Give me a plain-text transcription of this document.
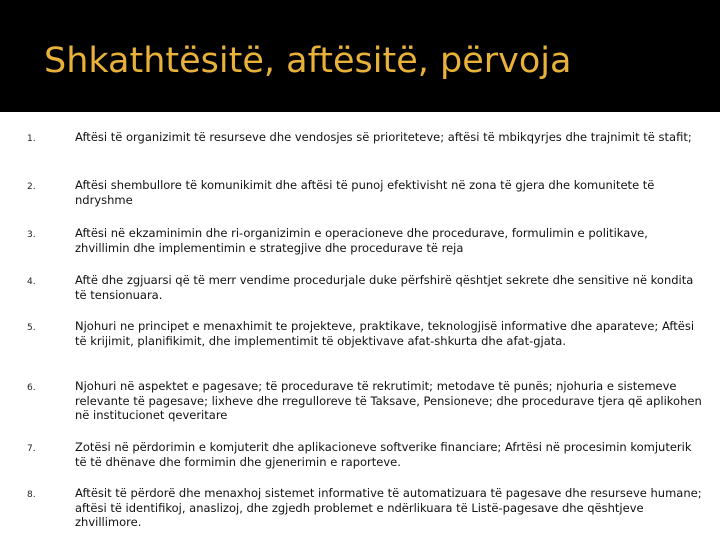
Shkathtësitë, aftësitë, përvoja
1.	Aftësi të organizimit të resurseve dhe vendosjes së prioriteteve; aftësi të mbikqyrjes dhe trajnimit të stafit;
2.	Aftësi shembullore të komunikimit dhe aftësi të punoj efektivisht në zona të gjera dhe komunitete të ndryshme
3.	Aftësi në ekzaminimin dhe ri-organizimin e operacioneve dhe procedurave, formulimin e politikave, zhvillimin dhe implementimin e strategjive dhe procedurave të reja
4.	Aftë dhe zgjuarsi që të merr vendime procedurjale duke përfshirë qështjet sekrete dhe sensitive në kondita të tensionuara.
5.	Njohuri ne principet e menaxhimit te projekteve, praktikave, teknologjisë informative dhe aparateve; Aftësi të krijimit, planifikimit, dhe implementimit të objektivave afat-shkurta dhe afat-gjata.
6.	Njohuri në aspektet e pagesave; të procedurave të rekrutimit; metodave të punës; njohuria e sistemeve relevante të pagesave; lixheve dhe rregulloreve të Taksave, Pensioneve; dhe procedurave tjera që aplikohen në institucionet qeveritare
7.	Zotësi në përdorimin e komjuterit dhe aplikacioneve softverike financiare; Afrtësi në procesimin komjuterik të të dhënave dhe formimin dhe gjenerimin e raporteve.
8.	Aftësit të përdorë dhe menaxhoj sistemet informative të automatizuara të pagesave dhe resurseve humane; aftësi të identifikoj, anaslizoj, dhe zgjedh problemet e ndërlikuara të Listë-pagesave dhe qështjeve zhvillimore.
